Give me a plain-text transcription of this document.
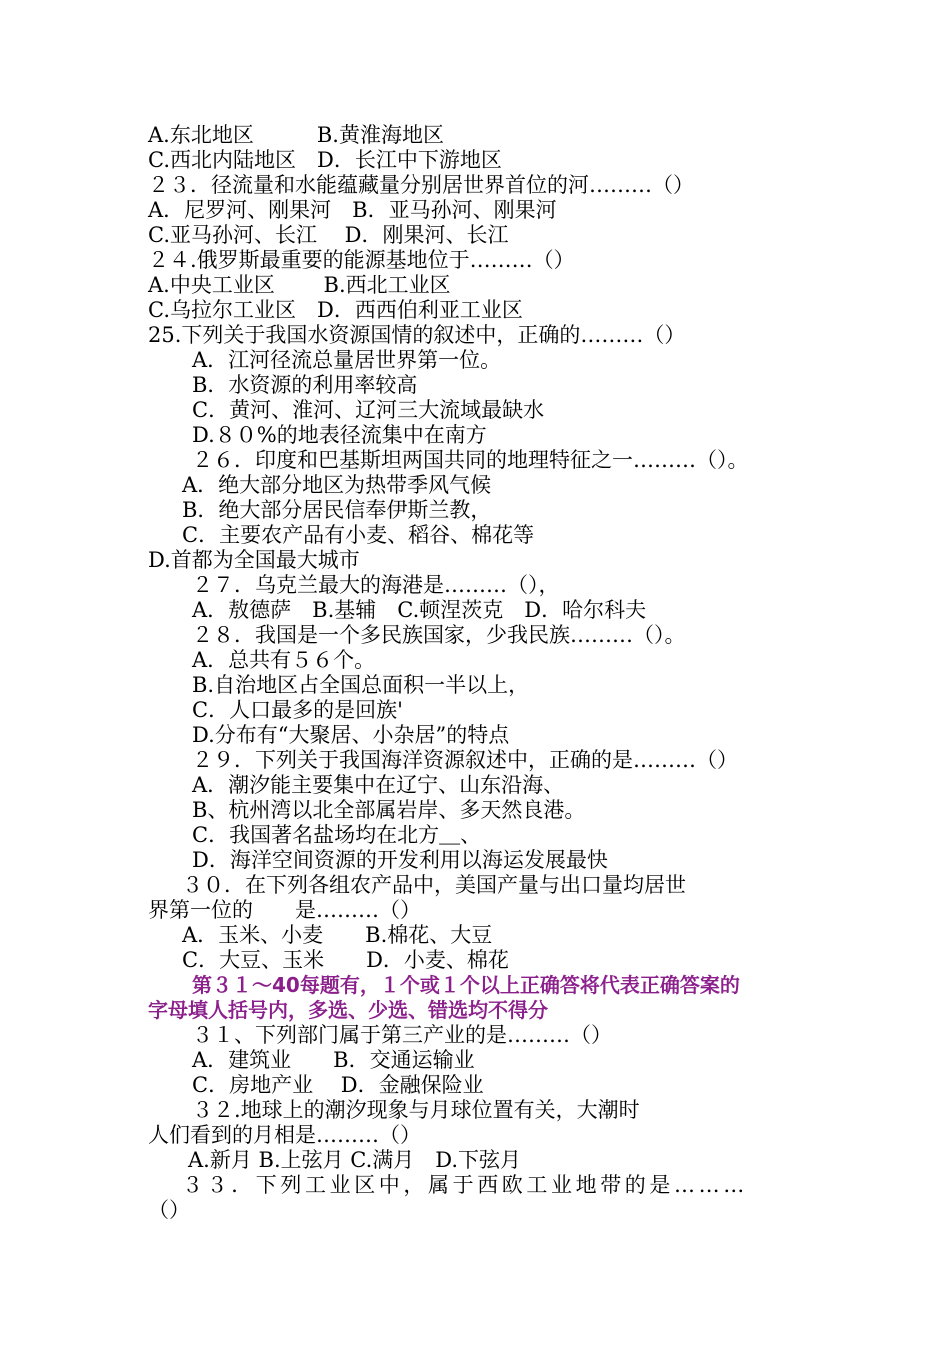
A.东北地区　　　B.黄淮海地区
C.西北内陆地区　D．长江中下游地区
２３．径流量和水能蕴藏量分别居世界首位的河………（）
A．尼罗河、刚果河　B．亚马孙河、刚果河
C.亚马孙河、长江　 D．刚果河、长江
２４.俄罗斯最重要的能源基地位于………（）
A.中央工业区　　 B.西北工业区
C.乌拉尔工业区　D．西西伯利亚工业区
25.下列关于我国水资源国情的叙述中，正确的………（）
A．江河径流总量居世界第一位。
B．水资源的利用率较高
C．黄河、淮河、辽河三大流域最缺水
D.８０%的地表径流集中在南方
２６．印度和巴基斯坦两国共同的地理特征之一………（）。
A．绝大部分地区为热带季风气候
B．绝大部分居民信奉伊斯兰教，
C．主要农产品有小麦、稻谷、棉花等
D.首都为全国最大城市
２７．乌克兰最大的海港是………（），
A．敖德萨　B.基辅　C.顿涅茨克　D．哈尔科夫
２８．我国是一个多民族国家，少我民族………（）。
A．总共有５６个。
B.自治地区占全国总面积一半以上，
C．人口最多的是回族'
D.分布有“大聚居、小杂居”的特点
２９．下列关于我国海洋资源叙述中，正确的是………（）
A．潮汐能主要集中在辽宁、山东沿海、
B、杭州湾以北全部属岩岸、多天然良港。
C．我国著名盐场均在北方＿、
D．海洋空间资源的开发利用以海运发展最快
３０．在下列各组农产品中，美国产量与出口量均居世
界第一位的　　是………（）
A．玉米、小麦　　B.棉花、大豆
C．大豆、玉米　　D．小麦、棉花
第３１～40每题有，１个或１个以上正确答将代表正确答案的
字母填人括号内，多选、少选、错选均不得分
３１、下列部门属于第三产业的是………（）
A．建筑业　　B．交通运输业
C．房地产业　 D．金融保险业
３２.地球上的潮汐现象与月球位置有关，大潮时
人们看到的月相是………（）
A.新月 B.上弦月 C.满月　D.下弦月
３３．下列工业区中，属于西欧工业地带的是………
（）
